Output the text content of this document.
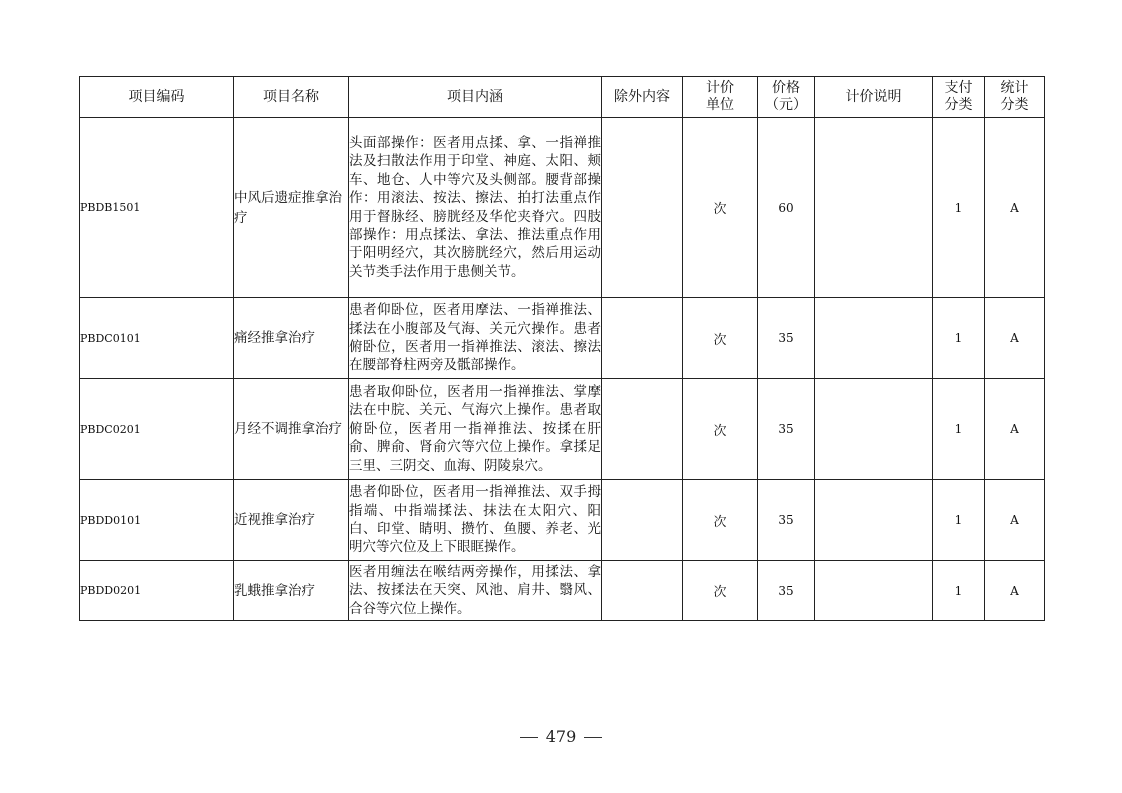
项目编码	项目名称	项目内涵	除外内容	计价单位	价格（元）	计价说明	支付分类	统计分类

PBDB1501	中风后遗症推拿治疗	头面部操作：医者用点揉、拿、一指禅推法及扫散法作用于印堂、神庭、太阳、颊车、地仓、人中等穴及头侧部。腰背部操作：用滚法、按法、擦法、拍打法重点作用于督脉经、膀胱经及华佗夹脊穴。四肢部操作：用点揉法、拿法、推法重点作用于阳明经穴，其次膀胱经穴，然后用运动关节类手法作用于患侧关节。		次	60		1	A
PBDC0101	痛经推拿治疗	患者仰卧位，医者用摩法、一指禅推法、揉法在小腹部及气海、关元穴操作。患者俯卧位，医者用一指禅推法、滚法、擦法在腰部脊柱两旁及骶部操作。		次	35		1	A
PBDC0201	月经不调推拿治疗	患者取仰卧位，医者用一指禅推法、掌摩法在中脘、关元、气海穴上操作。患者取俯卧位，医者用一指禅推法、按揉在肝俞、脾俞、肾俞穴等穴位上操作。拿揉足三里、三阴交、血海、阴陵泉穴。		次	35		1	A
PBDD0101	近视推拿治疗	患者仰卧位，医者用一指禅推法、双手拇指端、中指端揉法、抹法在太阳穴、阳白、印堂、睛明、攒竹、鱼腰、养老、光明穴等穴位及上下眼眶操作。		次	35		1	A
PBDD0201	乳蛾推拿治疗	医者用缠法在喉结两旁操作，用揉法、拿法、按揉法在天突、风池、肩井、翳风、合谷等穴位上操作。		次	35		1	A
479
